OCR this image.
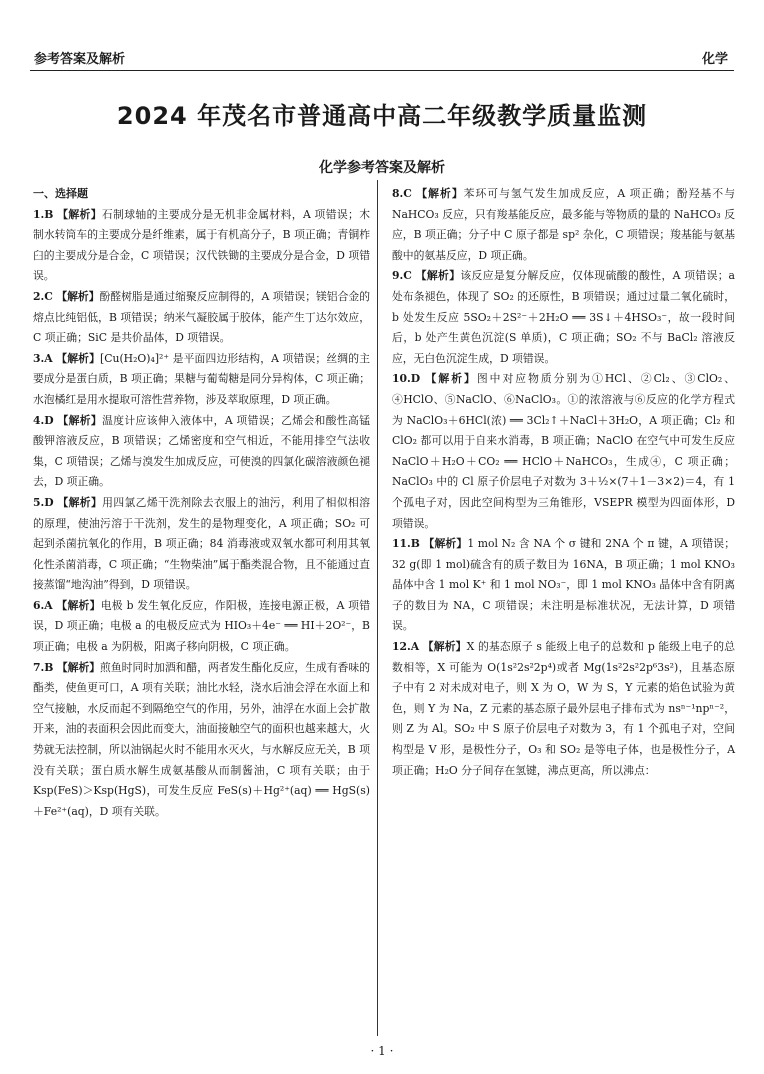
参考答案及解析	化学
2024 年茂名市普通高中高二年级教学质量监测
化学参考答案及解析
一、选择题

1.B 【解析】石制球轴的主要成分是无机非金属材料，A 项错误；木制水转筒车的主要成分是纤维素，属于有机高分子，B 项正确；青铜柞臼的主要成分是合金，C 项错误；汉代铁锄的主要成分是合金，D 项错误。

2.C 【解析】酚醛树脂是通过缩聚反应制得的，A 项错误；镁铝合金的熔点比纯铝低，B 项错误；纳米气凝胶属于胶体，能产生丁达尔效应，C 项正确；SiC 是共价晶体，D 项错误。

3.A 【解析】[Cu(H₂O)₄]²⁺ 是平面四边形结构，A 项错误；丝绸的主要成分是蛋白质，B 项正确；果糖与葡萄糖是同分异构体，C 项正确；水泡橘红是用水提取可溶性营养物，涉及萃取原理，D 项正确。

4.D 【解析】温度计应该伸入液体中，A 项错误；乙烯会和酸性高锰酸钾溶液反应，B 项错误；乙烯密度和空气相近，不能用排空气法收集，C 项错误；乙烯与溴发生加成反应，可使溴的四氯化碳溶液颜色褪去，D 项正确。

5.D 【解析】用四氯乙烯干洗剂除去衣服上的油污，利用了相似相溶的原理，使油污溶于干洗剂，发生的是物理变化，A 项正确；SO₂ 可起到杀菌抗氧化的作用，B 项正确；84 消毒液或双氧水都可利用其氧化性杀菌消毒，C 项正确；“生物柴油”属于酯类混合物，且不能通过直接蒸馏“地沟油”得到，D 项错误。

6.A 【解析】电极 b 发生氧化反应，作阳极，连接电源正极，A 项错误，D 项正确；电极 a 的电极反应式为 HIO₃＋4e⁻ ══ HI＋2O²⁻，B 项正确；电极 a 为阴极，阳离子移向阴极，C 项正确。

7.B 【解析】煎鱼时同时加酒和醋，两者发生酯化反应，生成有香味的酯类，使鱼更可口，A 项有关联；油比水轻，浇水后油会浮在水面上和空气接触，水反而起不到隔绝空气的作用，另外，油浮在水面上会扩散开来，油的表面积会因此而变大，油面接触空气的面积也越来越大，火势就无法控制，所以油锅起火时不能用水灭火，与水解反应无关，B 项没有关联；蛋白质水解生成氨基酸从而制酱油，C 项有关联；由于 Ksp(FeS)＞Ksp(HgS)，可发生反应 FeS(s)＋Hg²⁺(aq) ══ HgS(s)＋Fe²⁺(aq)，D 项有关联。

8.C 【解析】苯环可与氢气发生加成反应，A 项正确；酚羟基不与 NaHCO₃ 反应，只有羧基能反应，最多能与等物质的量的 NaHCO₃ 反应，B 项正确；分子中 C 原子都是 sp² 杂化，C 项错误；羧基能与氨基酸中的氨基反应，D 项正确。

9.C 【解析】该反应是复分解反应，仅体现硫酸的酸性，A 项错误；a 处布条褪色，体现了 SO₂ 的还原性，B 项错误；通过过量二氧化硫时，b 处发生反应 5SO₂＋2S²⁻＋2H₂O ══ 3S↓＋4HSO₃⁻，故一段时间后，b 处产生黄色沉淀(S 单质)，C 项正确；SO₂ 不与 BaCl₂ 溶液反应，无白色沉淀生成，D 项错误。

10.D 【解析】图中对应物质分别为①HCl、②Cl₂、③ClO₂、④HClO、⑤NaClO、⑥NaClO₃。①的浓溶液与⑥反应的化学方程式为 NaClO₃＋6HCl(浓) ══ 3Cl₂↑＋NaCl＋3H₂O，A 项正确；Cl₂ 和 ClO₂ 都可以用于自来水消毒，B 项正确；NaClO 在空气中可发生反应 NaClO＋H₂O＋CO₂ ══ HClO＋NaHCO₃，生成④，C 项正确；NaClO₃ 中的 Cl 原子价层电子对数为 3＋½×(7＋1－3×2)＝4，有 1 个孤电子对，因此空间构型为三角锥形，VSEPR 模型为四面体形，D 项错误。

11.B 【解析】1 mol N₂ 含 NA 个 σ 键和 2NA 个 π 键，A 项错误；32 g(即 1 mol)硫含有的质子数目为 16NA，B 项正确；1 mol KNO₃ 晶体中含 1 mol K⁺ 和 1 mol NO₃⁻，即 1 mol KNO₃ 晶体中含有阴离子的数目为 NA，C 项错误；未注明是标准状况，无法计算，D 项错误。

12.A 【解析】X 的基态原子 s 能级上电子的总数和 p 能级上电子的总数相等，X 可能为 O(1s²2s²2p⁴)或者 Mg(1s²2s²2p⁶3s²)，且基态原子中有 2 对未成对电子，则 X 为 O，W 为 S，Y 元素的焰色试验为黄色，则 Y 为 Na，Z 元素的基态原子最外层电子排布式为 nsⁿ⁻¹npⁿ⁻²，则 Z 为 Al。SO₂ 中 S 原子价层电子对数为 3，有 1 个孤电子对，空间构型是 V 形，是极性分子，O₃ 和 SO₂ 是等电子体，也是极性分子，A 项正确；H₂O 分子间存在氢键，沸点更高，所以沸点：

· 1 ·
